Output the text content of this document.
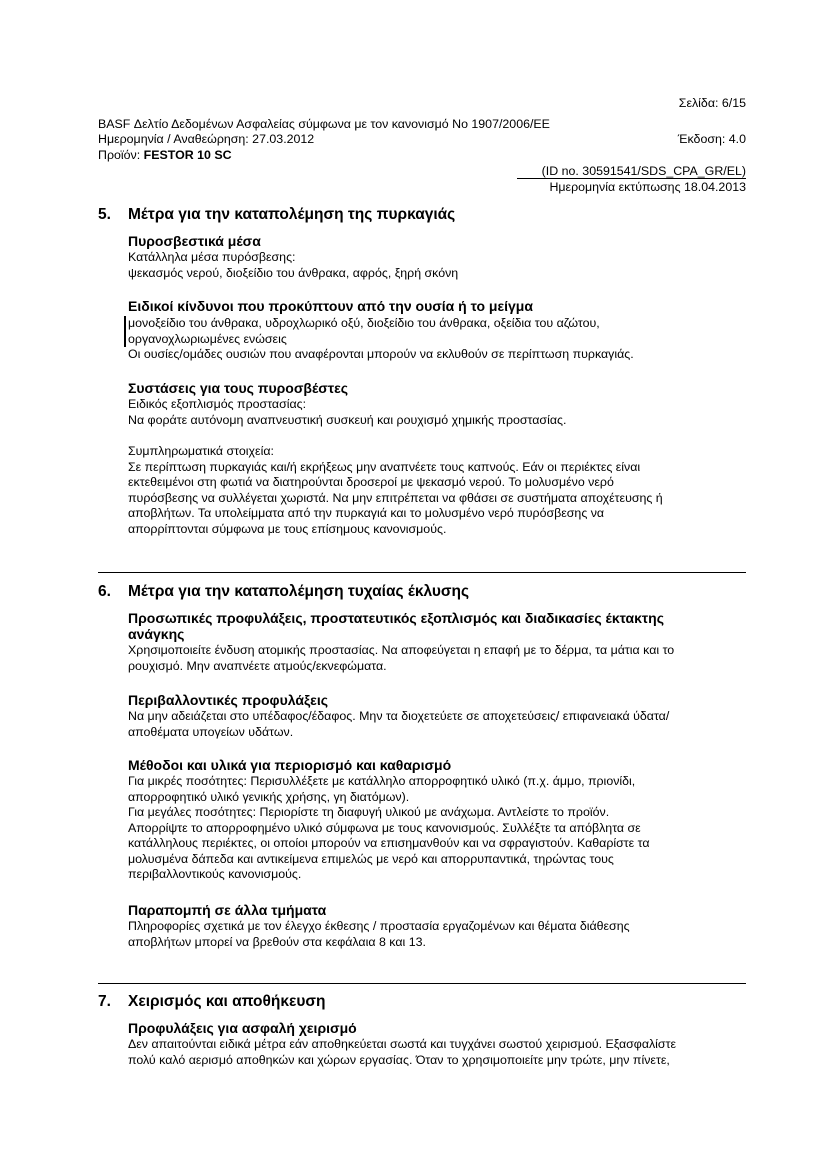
Σελίδα: 6/15
BASF Δελτίο Δεδομένων Ασφαλείας σύμφωνα με τον κανονισμό Νο 1907/2006/ΕΕ
Ημερομηνία / Αναθεώρηση: 27.03.2012	Έκδοση: 4.0
Προϊόν: FESTOR 10 SC
(ID no. 30591541/SDS_CPA_GR/EL)
Ημερομηνία εκτύπωσης 18.04.2013
5. Μέτρα για την καταπολέμηση της πυρκαγιάς
Πυροσβεστικά μέσα
Κατάλληλα μέσα πυρόσβεσης:
ψεκασμός νερού, διοξείδιο του άνθρακα, αφρός, ξηρή σκόνη
Ειδικοί κίνδυνοι που προκύπτουν από την ουσία ή το μείγμα
μονοξείδιο του άνθρακα, υδροχλωρικό οξύ, διοξείδιο του άνθρακα, οξείδια του αζώτου,
οργανοχλωριωμένες ενώσεις
Οι ουσίες/ομάδες ουσιών που αναφέρονται μπορούν να εκλυθούν σε περίπτωση πυρκαγιάς.
Συστάσεις για τους πυροσβέστες
Ειδικός εξοπλισμός προστασίας:
Να φοράτε αυτόνομη αναπνευστική συσκευή και ρουχισμό χημικής προστασίας.
Συμπληρωματικά στοιχεία:
Σε περίπτωση πυρκαγιάς και/ή εκρήξεως μην αναπνέετε τους καπνούς. Εάν οι περιέκτες είναι
εκτεθειμένοι στη φωτιά να διατηρούνται δροσεροί με ψεκασμό νερού. Το μολυσμένο νερό
πυρόσβεσης να συλλέγεται χωριστά. Να μην επιτρέπεται να φθάσει σε συστήματα αποχέτευσης ή
αποβλήτων. Τα υπολείμματα από την πυρκαγιά και το μολυσμένο νερό πυρόσβεσης να
απορρίπτονται σύμφωνα με τους επίσημους κανονισμούς.
6. Μέτρα για την καταπολέμηση τυχαίας έκλυσης
Προσωπικές προφυλάξεις, προστατευτικός εξοπλισμός και διαδικασίες έκτακτης
ανάγκης
Χρησιμοποιείτε ένδυση ατομικής προστασίας. Να αποφεύγεται η επαφή με το δέρμα, τα μάτια και το
ρουχισμό. Μην αναπνέετε ατμούς/εκνεφώματα.
Περιβαλλοντικές προφυλάξεις
Να μην αδειάζεται στο υπέδαφος/έδαφος. Μην τα διοχετεύετε σε αποχετεύσεις/ επιφανειακά ύδατα/
αποθέματα υπογείων υδάτων.
Μέθοδοι και υλικά για περιορισμό και καθαρισμό
Για μικρές ποσότητες: Περισυλλέξετε με κατάλληλο απορροφητικό υλικό (π.χ. άμμο, πριονίδι,
απορροφητικό υλικό γενικής χρήσης, γη διατόμων).
Για μεγάλες ποσότητες: Περιορίστε τη διαφυγή υλικού με ανάχωμα. Αντλείστε το προϊόν.
Απορρίψτε το απορροφημένο υλικό σύμφωνα με τους κανονισμούς. Συλλέξτε τα απόβλητα σε
κατάλληλους περιέκτες, οι οποίοι μπορούν να επισημανθούν και να σφραγιστούν. Καθαρίστε τα
μολυσμένα δάπεδα και αντικείμενα επιμελώς με νερό και απορρυπαντικά, τηρώντας τους
περιβαλλοντικούς κανονισμούς.
Παραπομπή σε άλλα τμήματα
Πληροφορίες σχετικά με τον έλεγχο έκθεσης / προστασία εργαζομένων και θέματα διάθεσης
αποβλήτων μπορεί να βρεθούν στα κεφάλαια 8 και 13.
7. Χειρισμός και αποθήκευση
Προφυλάξεις για ασφαλή χειρισμό
Δεν απαιτούνται ειδικά μέτρα εάν αποθηκεύεται σωστά και τυγχάνει σωστού χειρισμού. Εξασφαλίστε
πολύ καλό αερισμό αποθηκών και χώρων εργασίας. Όταν το χρησιμοποιείτε μην τρώτε, μην πίνετε,
